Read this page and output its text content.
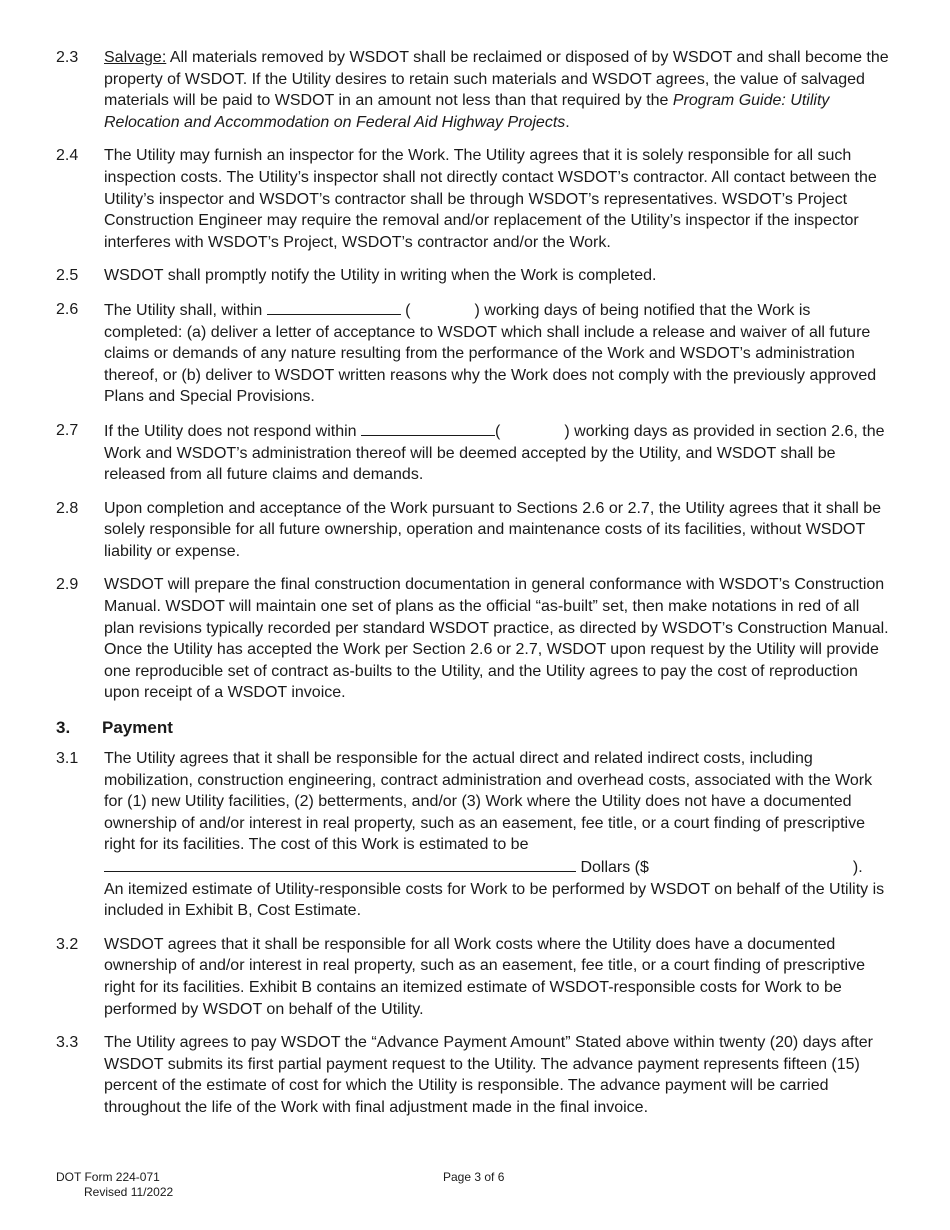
2.3 Salvage: All materials removed by WSDOT shall be reclaimed or disposed of by WSDOT and shall become the property of WSDOT. If the Utility desires to retain such materials and WSDOT agrees, the value of salvaged materials will be paid to WSDOT in an amount not less than that required by the Program Guide: Utility Relocation and Accommodation on Federal Aid Highway Projects.
2.4 The Utility may furnish an inspector for the Work. The Utility agrees that it is solely responsible for all such inspection costs. The Utility’s inspector shall not directly contact WSDOT’s contractor. All contact between the Utility’s inspector and WSDOT’s contractor shall be through WSDOT’s representatives. WSDOT’s Project Construction Engineer may require the removal and/or replacement of the Utility’s inspector if the inspector interferes with WSDOT’s Project, WSDOT’s contractor and/or the Work.
2.5 WSDOT shall promptly notify the Utility in writing when the Work is completed.
2.6 The Utility shall, within	(	) working days of being notified that the Work is completed: (a) deliver a letter of acceptance to WSDOT which shall include a release and waiver of all future claims or demands of any nature resulting from the performance of the Work and WSDOT’s administration thereof, or (b) deliver to WSDOT written reasons why the Work does not comply with the previously approved Plans and Special Provisions.
2.7 If the Utility does not respond within	(	) working days as provided in section 2.6, the Work and WSDOT’s administration thereof will be deemed accepted by the Utility, and WSDOT shall be released from all future claims and demands.
2.8 Upon completion and acceptance of the Work pursuant to Sections 2.6 or 2.7, the Utility agrees that it shall be solely responsible for all future ownership, operation and maintenance costs of its facilities, without WSDOT liability or expense.
2.9 WSDOT will prepare the final construction documentation in general conformance with WSDOT’s Construction Manual. WSDOT will maintain one set of plans as the official “as-built” set, then make notations in red of all plan revisions typically recorded per standard WSDOT practice, as directed by WSDOT’s Construction Manual. Once the Utility has accepted the Work per Section 2.6 or 2.7, WSDOT upon request by the Utility will provide one reproducible set of contract as-builts to the Utility, and the Utility agrees to pay the cost of reproduction upon receipt of a WSDOT invoice.
3. Payment
3.1 The Utility agrees that it shall be responsible for the actual direct and related indirect costs, including mobilization, construction engineering, contract administration and overhead costs, associated with the Work for (1) new Utility facilities, (2) betterments, and/or (3) Work where the Utility does not have a documented ownership of and/or interest in real property, such as an easement, fee title, or a court finding of prescriptive right for its facilities. The cost of this Work is estimated to be
Dollars ($	).
An itemized estimate of Utility-responsible costs for Work to be performed by WSDOT on behalf of the Utility is included in Exhibit B, Cost Estimate.
3.2 WSDOT agrees that it shall be responsible for all Work costs where the Utility does have a documented ownership of and/or interest in real property, such as an easement, fee title, or a court finding of prescriptive right for its facilities. Exhibit B contains an itemized estimate of WSDOT-responsible costs for Work to be performed by WSDOT on behalf of the Utility.
3.3 The Utility agrees to pay WSDOT the “Advance Payment Amount” Stated above within twenty (20) days after WSDOT submits its first partial payment request to the Utility. The advance payment represents fifteen (15) percent of the estimate of cost for which the Utility is responsible. The advance payment will be carried throughout the life of the Work with final adjustment made in the final invoice.
DOT Form 224-071
Revised 11/2022
Page 3 of 6
